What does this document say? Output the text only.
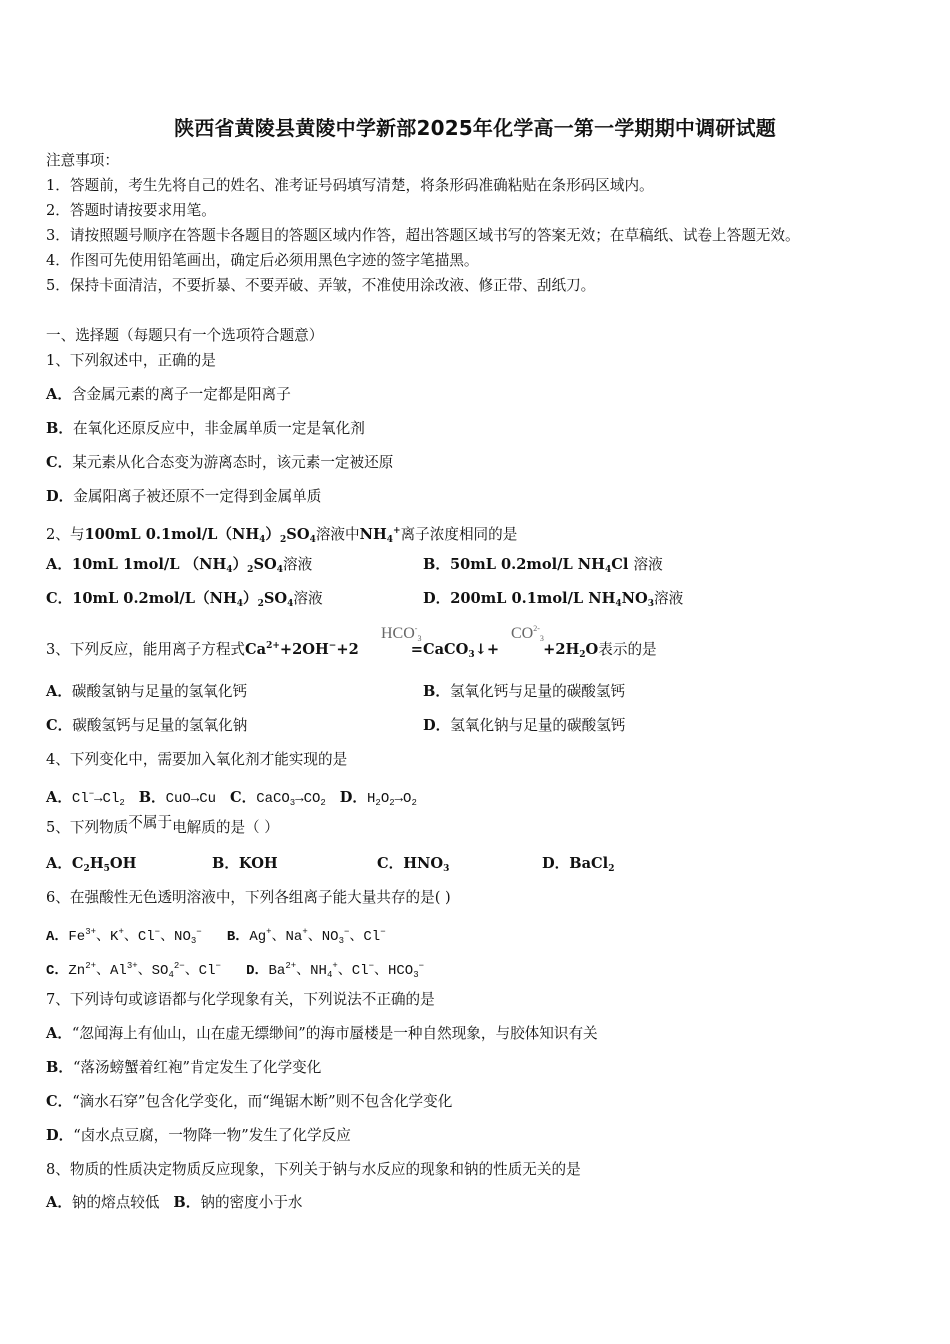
陕西省黄陵县黄陵中学新部2025年化学高一第一学期期中调研试题
注意事项：
1．答题前，考生先将自己的姓名、准考证号码填写清楚，将条形码准确粘贴在条形码区域内。
2．答题时请按要求用笔。
3．请按照题号顺序在答题卡各题目的答题区域内作答，超出答题区域书写的答案无效；在草稿纸、试卷上答题无效。
4．作图可先使用铅笔画出，确定后必须用黑色字迹的签字笔描黑。
5．保持卡面清洁，不要折暴、不要弄破、弄皱，不准使用涂改液、修正带、刮纸刀。
一、选择题（每题只有一个选项符合题意）
1、下列叙述中，正确的是
A．含金属元素的离子一定都是阳离子
B．在氧化还原反应中，非金属单质一定是氧化剂
C．某元素从化合态变为游离态时，该元素一定被还原
D．金属阳离子被还原不一定得到金属单质
2、与100mL $0.1mol/L(NH_4)_2SO_4$溶液中$NH_4^+$离子浓度相同的是
A．10mL 1mol/L $(NH_4)_2SO_4$溶液	B．50mL 0.2mol/L $NH_4Cl$ 溶液
C．10mL $0.2mol/L(NH_4)_2SO_4$溶液	D．200mL 0.1mol/L $NH_4NO_3$溶液
3、下列反应，能用离子方程式$Ca^{2+}+2OH^-+2$	=CaCO$_3$↓+	$+2H_2O$表示的是
$HCO^-_3$	$CO^{2-}_3$
A．碳酸氢钠与足量的氢氧化钙	B．氢氧化钙与足量的碳酸氢钙
C．碳酸氢钙与足量的氢氧化钠	D．氢氧化钠与足量的碳酸氢钙
4、下列变化中，需要加入氧化剂才能实现的是
A．$Cl^-\to Cl_2$ B．CuO→Cu C．$CaCO_3\to CO_2$ D．$H_2O_2\to O_2$
5、下列物质不属于电解质的是（ ）
A．$C_2H_5OH$	B．KOH	C．$HNO_3$	D．BaCl$_2$
6、在强酸性无色透明溶液中，下列各组离子能大量共存的是( )
A．$Fe^{3+}$、K+、Cl−、$NO_3^-$ B．Ag+、Na+、$NO_3^-$、Cl−
C．$Zn^{2+}$、$Al^{3+}$、$SO_4^{2-}$、Cl− D．$Ba^{2+}$、$NH_4^+$、Cl−、$HCO_3^-$
7、下列诗句或谚语都与化学现象有关，下列说法不正确的是
A．“忽闻海上有仙山，山在虚无缥缈间”的海市蜃楼是一种自然现象，与胶体知识有关
B．“落汤螃蟹着红袍”肯定发生了化学变化
C．“滴水石穿”包含化学变化，而“绳锯木断”则不包含化学变化
D．“卤水点豆腐，一物降一物”发生了化学反应
8、物质的性质决定物质反应现象，下列关于钠与水反应的现象和钠的性质无关的是
A．钠的熔点较低 B．钠的密度小于水
